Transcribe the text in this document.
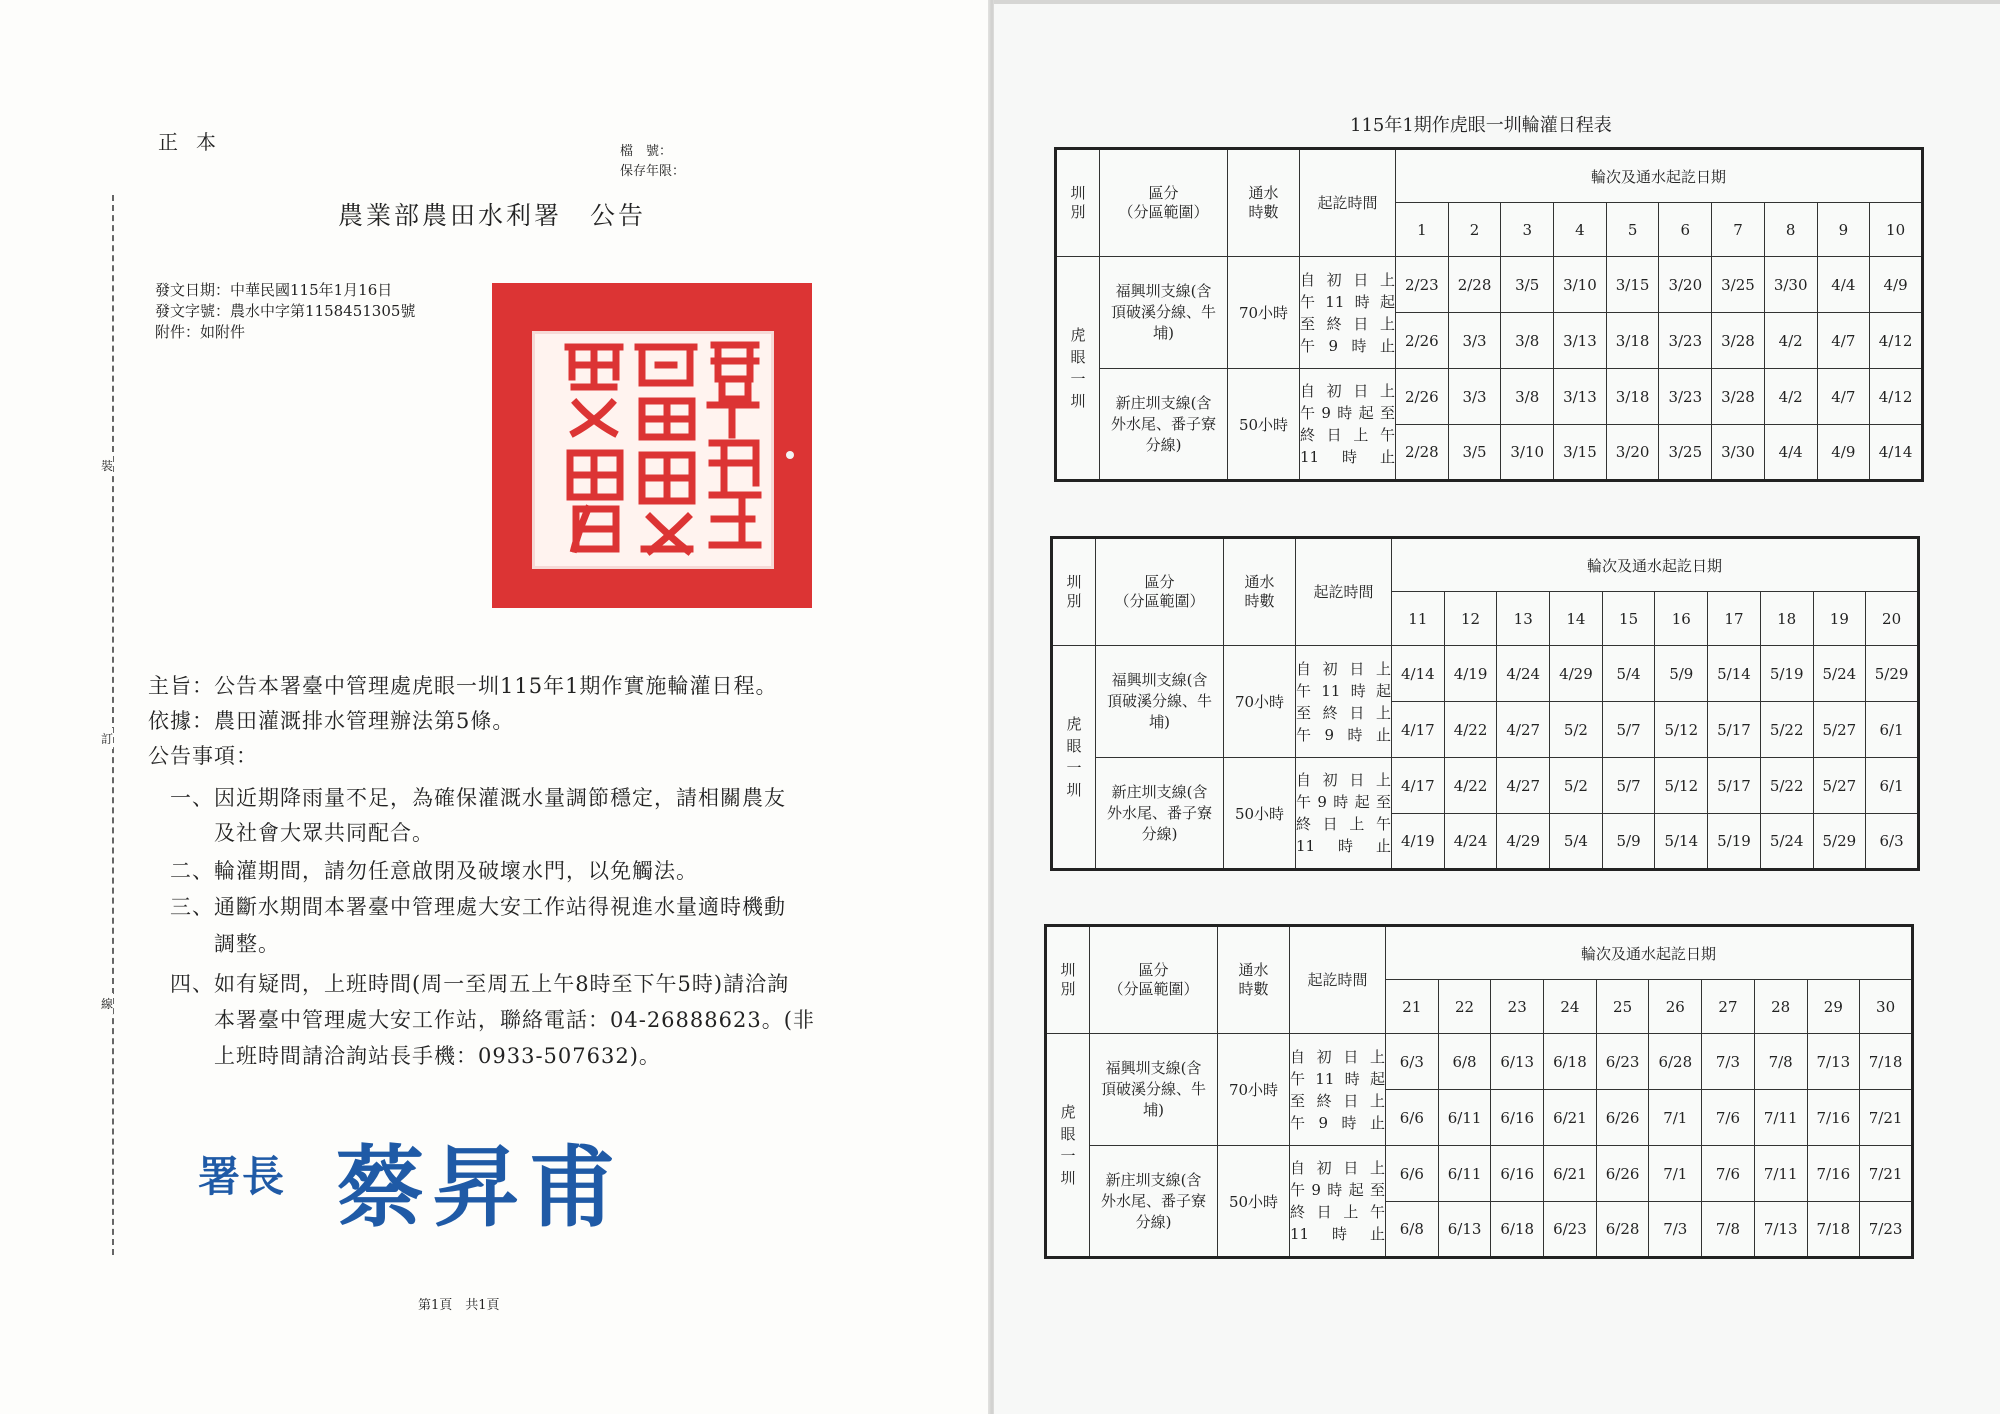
正本	檔　號：
保存年限：
裝
訂
線
農業部農田水利署　公告
發文日期：中華民國115年1月16日
發文字號：農水中字第1158451305號
附件：如附件
主旨：公告本署臺中管理處虎眼一圳115年1期作實施輪灌日程。
依據：農田灌溉排水管理辦法第5條。
公告事項：
一、 因近期降雨量不足，為確保灌溉水量調節穩定，請相關農友
及社會大眾共同配合。
二、 輪灌期間，請勿任意啟閉及破壞水門，以免觸法。
三、 通斷水期間本署臺中管理處大安工作站得視進水量適時機動
調整。
四、 如有疑問，上班時間(周一至周五上午8時至下午5時)請洽詢
本署臺中管理處大安工作站，聯絡電話：04-26888623。(非
上班時間請洽詢站長手機：0933-507632)。
署長 蔡昇甫
第1頁　共1頁
115年1期作虎眼一圳輪灌日程表
圳
別	區分
（分區範圍）	通水
時數	起訖時間	輪次及通水起訖日期									
				1	2	3	4	5	6	7	8	9	10
虎
眼
一
圳	福興圳支線(含
頂破溪分線、牛
埔)	70小時	自初日上
午11時起
至終日上
午9時止	2/23	2/28	3/5	3/10	3/15	3/20	3/25	3/30	4/4	4/9
				2/26	3/3	3/8	3/13	3/18	3/23	3/28	4/2	4/7	4/12
	新庄圳支線(含
外水尾、番子寮
分線)	50小時	自初日上
午9時起至
終日上午
11時止	2/26	3/3	3/8	3/13	3/18	3/23	3/28	4/2	4/7	4/12
				2/28	3/5	3/10	3/15	3/20	3/25	3/30	4/4	4/9	4/14
圳
別	區分
（分區範圍）	通水
時數	起訖時間	輪次及通水起訖日期									
				11	12	13	14	15	16	17	18	19	20
虎
眼
一
圳	福興圳支線(含
頂破溪分線、牛
埔)	70小時	自初日上
午11時起
至終日上
午9時止	4/14	4/19	4/24	4/29	5/4	5/9	5/14	5/19	5/24	5/29
				4/17	4/22	4/27	5/2	5/7	5/12	5/17	5/22	5/27	6/1
	新庄圳支線(含
外水尾、番子寮
分線)	50小時	自初日上
午9時起至
終日上午
11時止	4/17	4/22	4/27	5/2	5/7	5/12	5/17	5/22	5/27	6/1
				4/19	4/24	4/29	5/4	5/9	5/14	5/19	5/24	5/29	6/3
圳
別	區分
（分區範圍）	通水
時數	起訖時間	輪次及通水起訖日期									
				21	22	23	24	25	26	27	28	29	30
虎
眼
一
圳	福興圳支線(含
頂破溪分線、牛
埔)	70小時	自初日上
午11時起
至終日上
午9時止	6/3	6/8	6/13	6/18	6/23	6/28	7/3	7/8	7/13	7/18
				6/6	6/11	6/16	6/21	6/26	7/1	7/6	7/11	7/16	7/21
	新庄圳支線(含
外水尾、番子寮
分線)	50小時	自初日上
午9時起至
終日上午
11時止	6/6	6/11	6/16	6/21	6/26	7/1	7/6	7/11	7/16	7/21
				6/8	6/13	6/18	6/23	6/28	7/3	7/8	7/13	7/18	7/23
